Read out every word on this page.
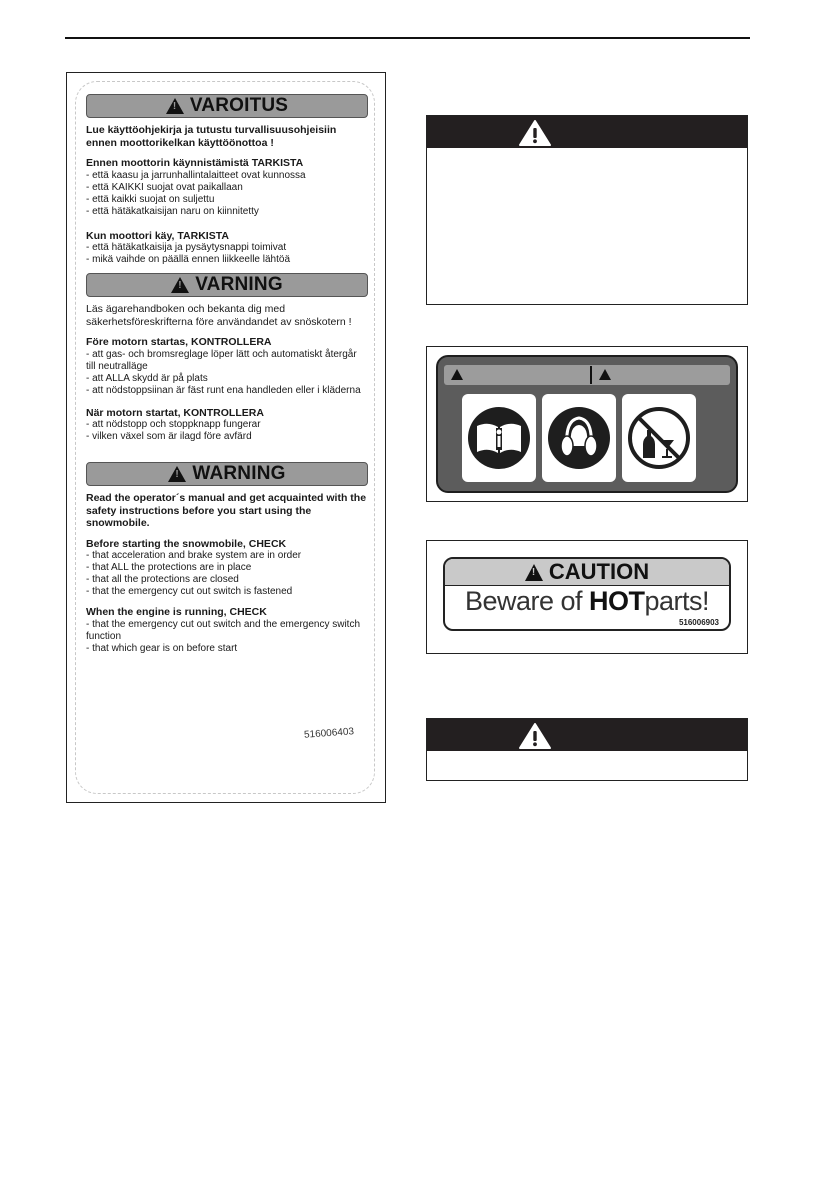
!
VAROITUS
Lue käyttöohjekirja ja tutustu turvallisuusohjeisiin ennen moottorikelkan käyttöönottoa !
Ennen moottorin käynnistämistä TARKISTA
- että kaasu ja jarrunhallintalaitteet ovat kunnossa
- että KAIKKI suojat ovat paikallaan
- että kaikki suojat on suljettu
- että hätäkatkaisijan naru on kiinnitetty
Kun moottori käy, TARKISTA
- että hätäkatkaisija ja pysäytysnappi toimivat
- mikä vaihde on päällä ennen liikkeelle lähtöä
!
VARNING
Läs ägarehandboken och bekanta dig med säkerhetsföreskrifterna före användandet av snöskotern !
Före motorn startas, KONTROLLERA
- att gas- och bromsreglage löper lätt och automatiskt återgår till neutralläge
- att ALLA skydd är på plats
- att nödstoppsiinan är fäst runt ena handleden eller i kläderna
När motorn startat, KONTROLLERA
- att nödstopp och stoppknapp fungerar
- vilken växel som är ilagd före avfärd
!
WARNING
Read the operator´s manual and get acquainted with the safety instructions before you start using the snowmobile.
Before starting the snowmobile, CHECK
- that acceleration and brake system are in order
- that ALL the protections are in place
- that all the protections are closed
- that the emergency cut out switch is fastened
When the engine is running, CHECK
- that the emergency cut out switch and the emergency switch function
- that which gear is on before start
516006403
!
CAUTION
Beware of HOTparts!
516006903
